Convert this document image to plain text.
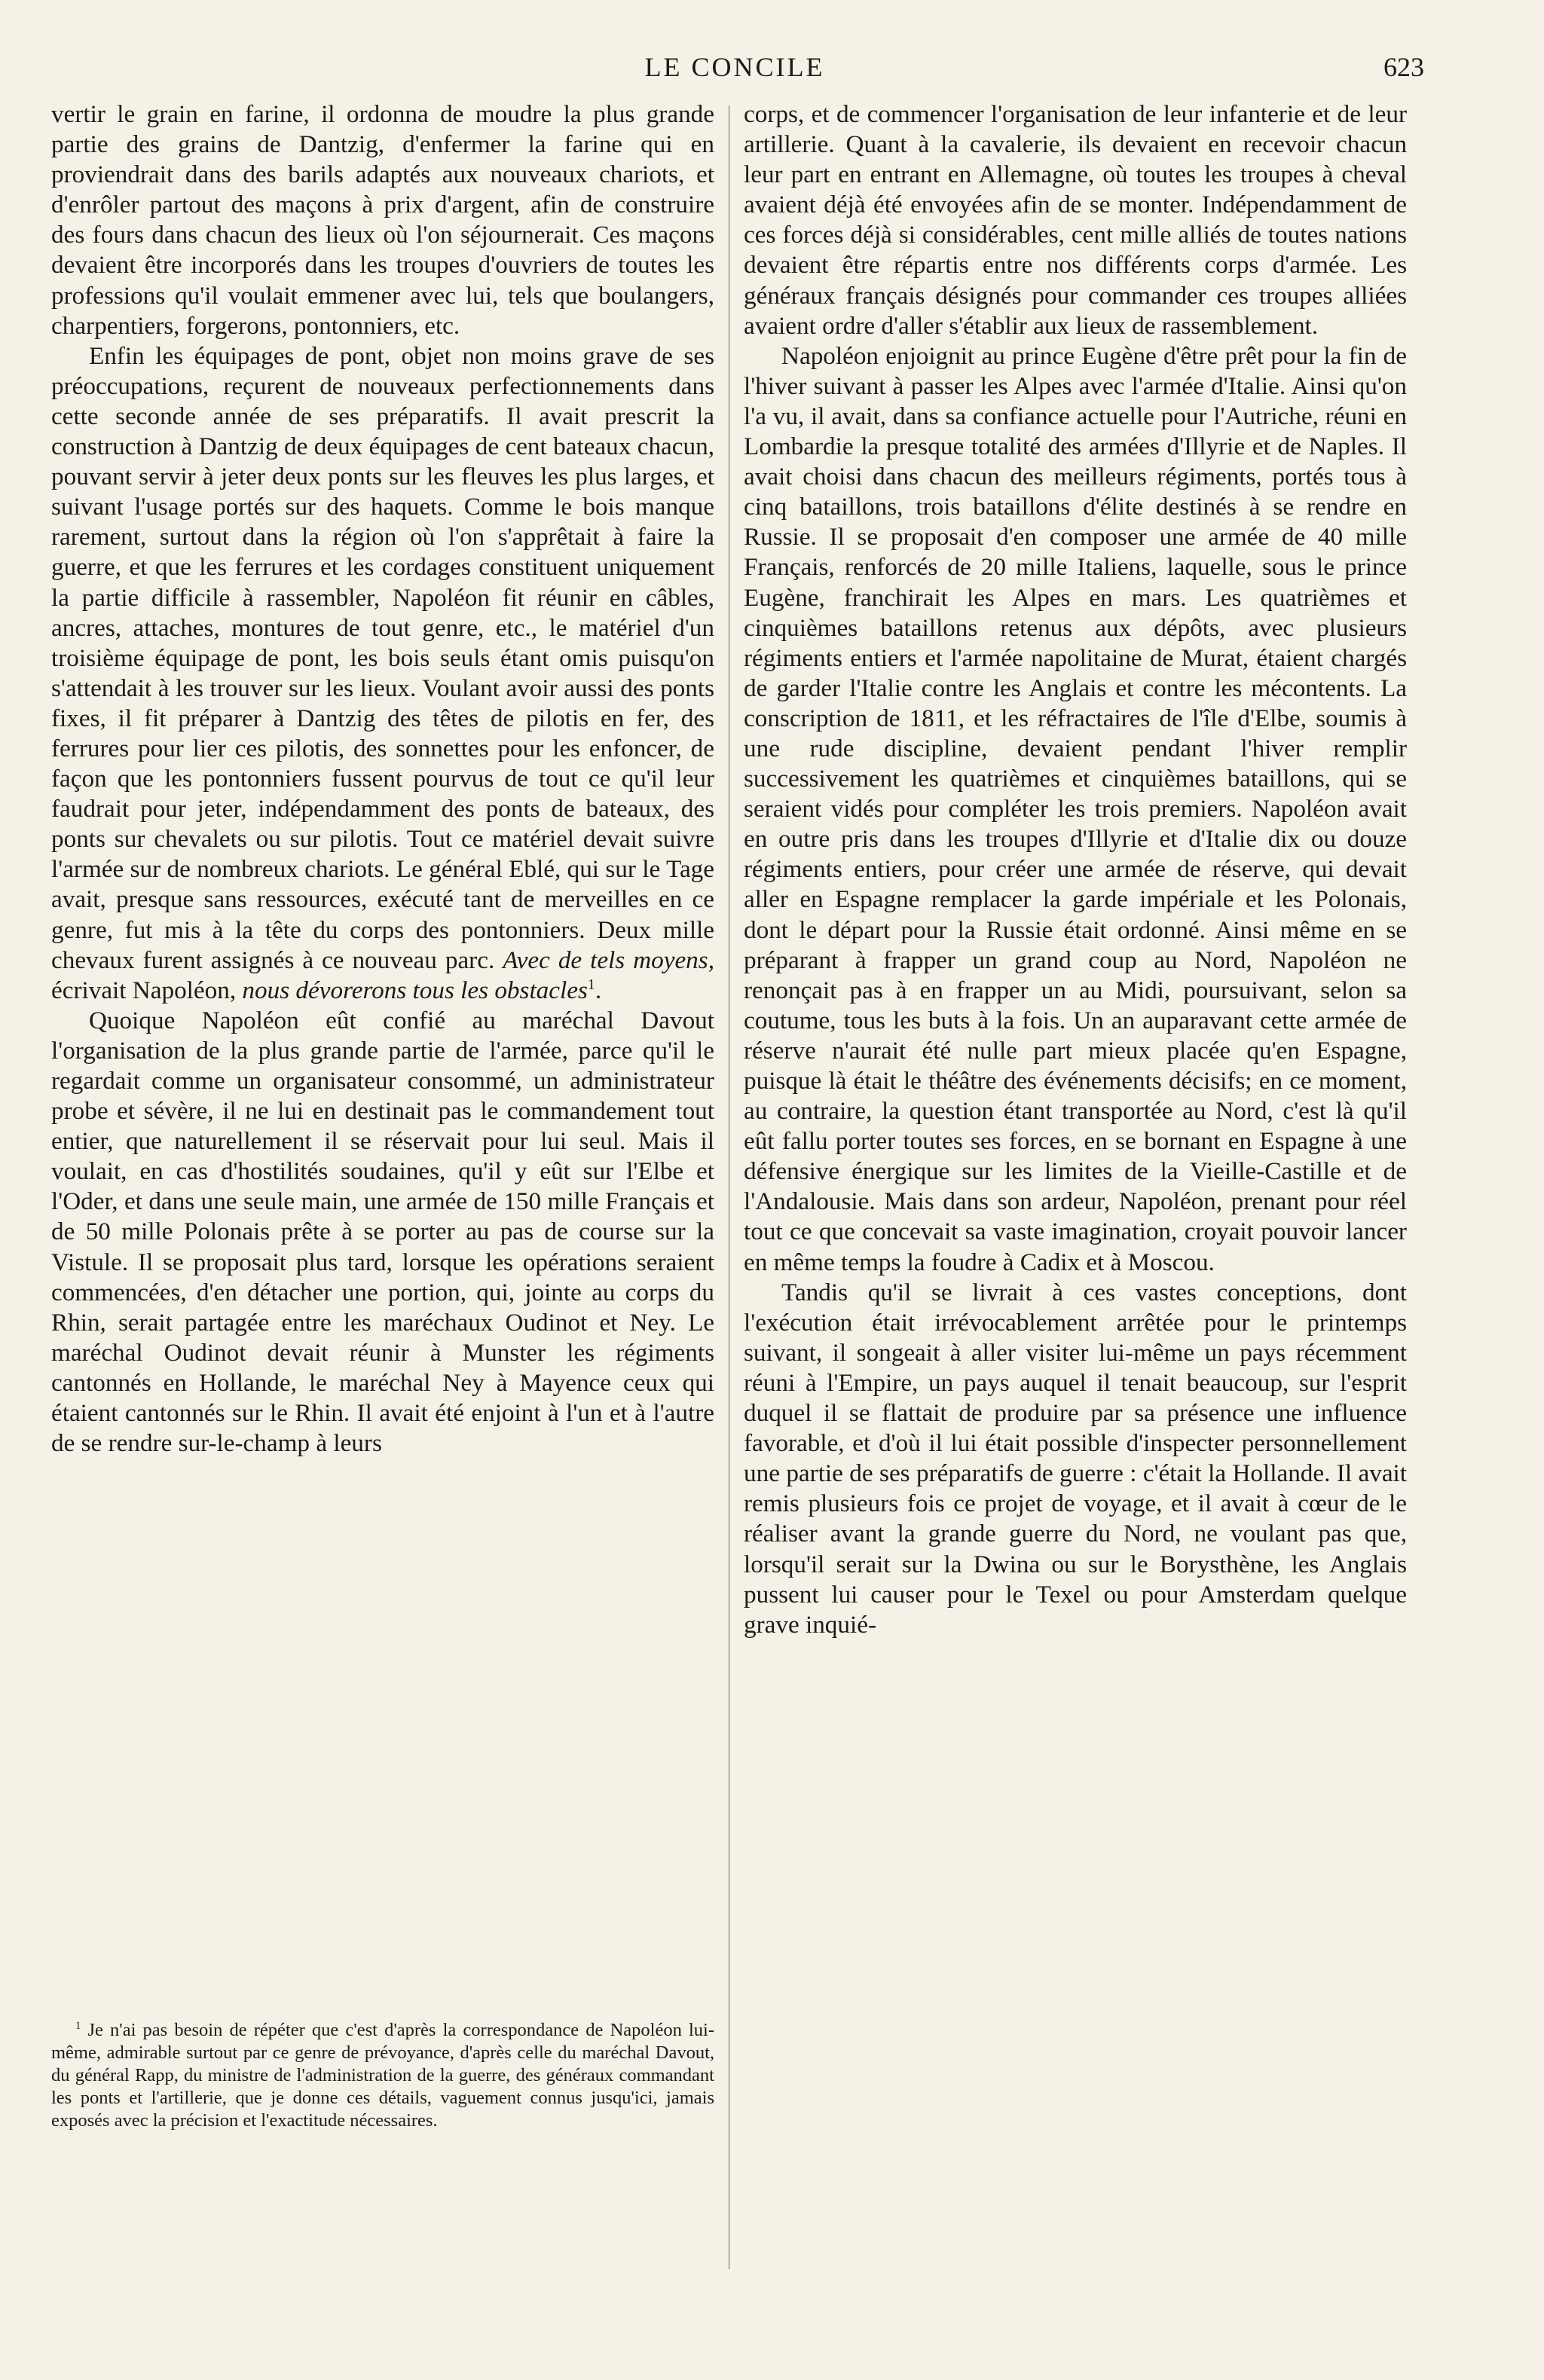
LE CONCILE	623

vertir le grain en farine, il ordonna de moudre la plus grande partie des grains de Dantzig, d'enfermer la farine qui en proviendrait dans des barils adaptés aux nouveaux chariots, et d'enrôler partout des maçons à prix d'argent, afin de construire des fours dans chacun des lieux où l'on séjournerait. Ces maçons devaient être incorporés dans les troupes d'ouvriers de toutes les professions qu'il voulait emmener avec lui, tels que boulangers, charpentiers, forgerons, pontonniers, etc.

Enfin les équipages de pont, objet non moins grave de ses préoccupations, reçurent de nouveaux perfectionnements dans cette seconde année de ses préparatifs. Il avait prescrit la construction à Dantzig de deux équipages de cent bateaux chacun, pouvant servir à jeter deux ponts sur les fleuves les plus larges, et suivant l'usage portés sur des haquets. Comme le bois manque rarement, surtout dans la région où l'on s'apprêtait à faire la guerre, et que les ferrures et les cordages constituent uniquement la partie difficile à rassembler, Napoléon fit réunir en câbles, ancres, attaches, montures de tout genre, etc., le matériel d'un troisième équipage de pont, les bois seuls étant omis puisqu'on s'attendait à les trouver sur les lieux. Voulant avoir aussi des ponts fixes, il fit préparer à Dantzig des têtes de pilotis en fer, des ferrures pour lier ces pilotis, des sonnettes pour les enfoncer, de façon que les pontonniers fussent pourvus de tout ce qu'il leur faudrait pour jeter, indépendamment des ponts de bateaux, des ponts sur chevalets ou sur pilotis. Tout ce matériel devait suivre l'armée sur de nombreux chariots. Le général Eblé, qui sur le Tage avait, presque sans ressources, exécuté tant de merveilles en ce genre, fut mis à la tête du corps des pontonniers. Deux mille chevaux furent assignés à ce nouveau parc. Avec de tels moyens, écrivait Napoléon, nous dévorerons tous les obstacles$^1$.

Quoique Napoléon eût confié au maréchal Davout l'organisation de la plus grande partie de l'armée, parce qu'il le regardait comme un organisateur consommé, un administrateur probe et sévère, il ne lui en destinait pas le commandement tout entier, que naturellement il se réservait pour lui seul. Mais il voulait, en cas d'hostilités soudaines, qu'il y eût sur l'Elbe et l'Oder, et dans une seule main, une armée de 150 mille Français et de 50 mille Polonais prête à se porter au pas de course sur la Vistule. Il se proposait plus tard, lorsque les opérations seraient commencées, d'en détacher une portion, qui, jointe au corps du Rhin, serait partagée entre les maréchaux Oudinot et Ney. Le maréchal Oudinot devait réunir à Munster les régiments cantonnés en Hollande, le maréchal Ney à Mayence ceux qui étaient cantonnés sur le Rhin. Il avait été enjoint à l'un et à l'autre de se rendre sur-le-champ à leurs

$^1$ Je n'ai pas besoin de répéter que c'est d'après la correspondance de Napoléon lui-même, admirable surtout par ce genre de prévoyance, d'après celle du maréchal Davout, du général Rapp, du ministre de l'administration de la guerre, des généraux commandant les ponts et l'artillerie, que je donne ces détails, vaguement connus jusqu'ici, jamais exposés avec la précision et l'exactitude nécessaires.

corps, et de commencer l'organisation de leur infanterie et de leur artillerie. Quant à la cavalerie, ils devaient en recevoir chacun leur part en entrant en Allemagne, où toutes les troupes à cheval avaient déjà été envoyées afin de se monter. Indépendamment de ces forces déjà si considérables, cent mille alliés de toutes nations devaient être répartis entre nos différents corps d'armée. Les généraux français désignés pour commander ces troupes alliées avaient ordre d'aller s'établir aux lieux de rassemblement.

Napoléon enjoignit au prince Eugène d'être prêt pour la fin de l'hiver suivant à passer les Alpes avec l'armée d'Italie. Ainsi qu'on l'a vu, il avait, dans sa confiance actuelle pour l'Autriche, réuni en Lombardie la presque totalité des armées d'Illyrie et de Naples. Il avait choisi dans chacun des meilleurs régiments, portés tous à cinq bataillons, trois bataillons d'élite destinés à se rendre en Russie. Il se proposait d'en composer une armée de 40 mille Français, renforcés de 20 mille Italiens, laquelle, sous le prince Eugène, franchirait les Alpes en mars. Les quatrièmes et cinquièmes bataillons retenus aux dépôts, avec plusieurs régiments entiers et l'armée napolitaine de Murat, étaient chargés de garder l'Italie contre les Anglais et contre les mécontents. La conscription de 1811, et les réfractaires de l'île d'Elbe, soumis à une rude discipline, devaient pendant l'hiver remplir successivement les quatrièmes et cinquièmes bataillons, qui se seraient vidés pour compléter les trois premiers. Napoléon avait en outre pris dans les troupes d'Illyrie et d'Italie dix ou douze régiments entiers, pour créer une armée de réserve, qui devait aller en Espagne remplacer la garde impériale et les Polonais, dont le départ pour la Russie était ordonné. Ainsi même en se préparant à frapper un grand coup au Nord, Napoléon ne renonçait pas à en frapper un au Midi, poursuivant, selon sa coutume, tous les buts à la fois. Un an auparavant cette armée de réserve n'aurait été nulle part mieux placée qu'en Espagne, puisque là était le théâtre des événements décisifs; en ce moment, au contraire, la question étant transportée au Nord, c'est là qu'il eût fallu porter toutes ses forces, en se bornant en Espagne à une défensive énergique sur les limites de la Vieille-Castille et de l'Andalousie. Mais dans son ardeur, Napoléon, prenant pour réel tout ce que concevait sa vaste imagination, croyait pouvoir lancer en même temps la foudre à Cadix et à Moscou.

Tandis qu'il se livrait à ces vastes conceptions, dont l'exécution était irrévocablement arrêtée pour le printemps suivant, il songeait à aller visiter lui-même un pays récemment réuni à l'Empire, un pays auquel il tenait beaucoup, sur l'esprit duquel il se flattait de produire par sa présence une influence favorable, et d'où il lui était possible d'inspecter personnellement une partie de ses préparatifs de guerre : c'était la Hollande. Il avait remis plusieurs fois ce projet de voyage, et il avait à cœur de le réaliser avant la grande guerre du Nord, ne voulant pas que, lorsqu'il serait sur la Dwina ou sur le Borysthène, les Anglais pussent lui causer pour le Texel ou pour Amsterdam quelque grave inquié-
